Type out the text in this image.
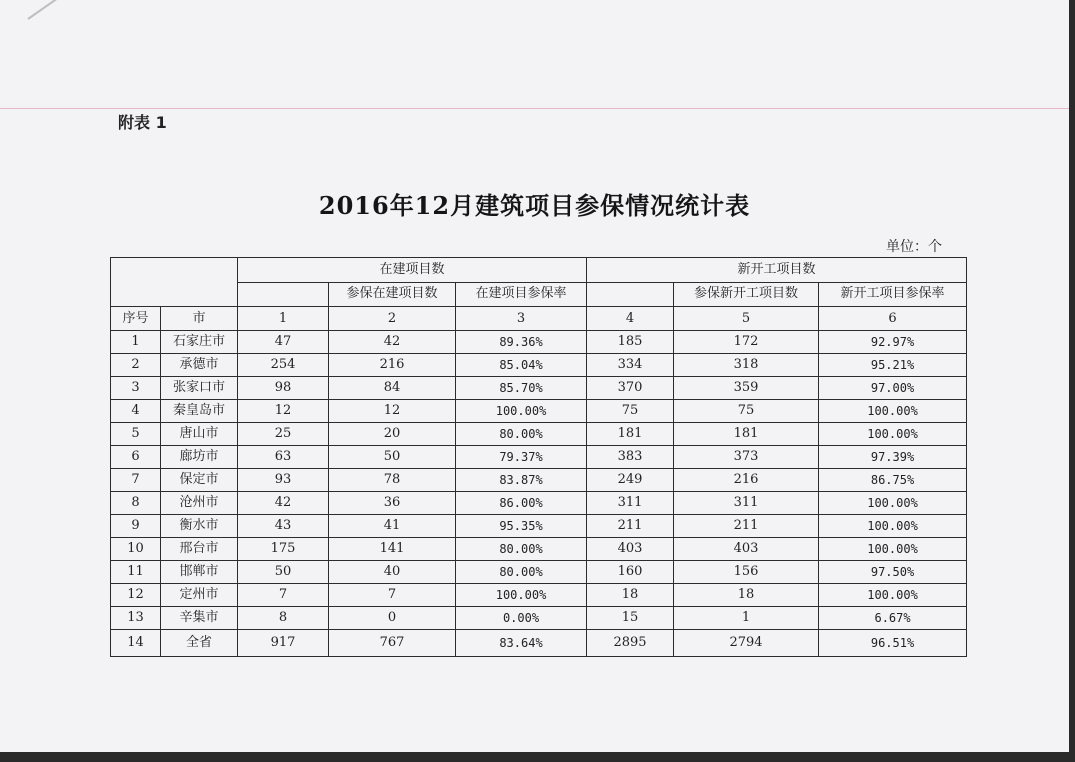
附表 1
2016年12月建筑项目参保情况统计表
单位：个
		在建项目数			新开工项目数		
			参保在建项目数	在建项目参保率		参保新开工项目数	新开工项目参保率
序号	市	1	2	3	4	5	6
1	石家庄市	47	42	89.36%	185	172	92.97%
2	承德市	254	216	85.04%	334	318	95.21%
3	张家口市	98	84	85.70%	370	359	97.00%
4	秦皇岛市	12	12	100.00%	75	75	100.00%
5	唐山市	25	20	80.00%	181	181	100.00%
6	廊坊市	63	50	79.37%	383	373	97.39%
7	保定市	93	78	83.87%	249	216	86.75%
8	沧州市	42	36	86.00%	311	311	100.00%
9	衡水市	43	41	95.35%	211	211	100.00%
10	邢台市	175	141	80.00%	403	403	100.00%
11	邯郸市	50	40	80.00%	160	156	97.50%
12	定州市	7	7	100.00%	18	18	100.00%
13	辛集市	8	0	0.00%	15	1	6.67%
14	全省	917	767	83.64%	2895	2794	96.51%
